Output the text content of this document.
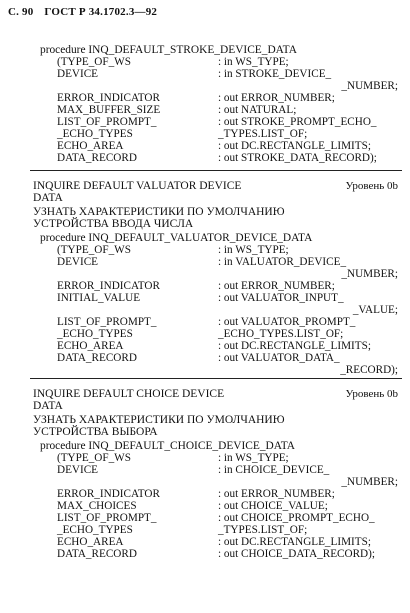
С. 90 ГОСТ Р 34.1702.3—92
procedure INQ_DEFAULT_STROKE_DEVICE_DATA
(TYPE_OF_WS	: in WS_TYPE;
DEVICE	: in STROKE_DEVICE_
_NUMBER;
ERROR_INDICATOR	: out ERROR_NUMBER;
MAX_BUFFER_SIZE	: out NATURAL;
LIST_OF_PROMPT_	: out STROKE_PROMPT_ECHO_
_ECHO_TYPES	_TYPES.LIST_OF;
ECHO_AREA	: out DC.RECTANGLE_LIMITS;
DATA_RECORD	: out STROKE_DATA_RECORD);
INQUIRE DEFAULT VALUATOR DEVICE	Уровень 0b
DATA
УЗНАТЬ ХАРАКТЕРИСТИКИ ПО УМОЛЧАНИЮ
УСТРОЙСТВА ВВОДА ЧИСЛА
procedure INQ_DEFAULT_VALUATOR_DEVICE_DATA
(TYPE_OF_WS	: in WS_TYPE;
DEVICE	: in VALUATOR_DEVICE_
_NUMBER;
ERROR_INDICATOR	: out ERROR_NUMBER;
INITIAL_VALUE	: out VALUATOR_INPUT_
_VALUE;
LIST_OF_PROMPT_	: out VALUATOR_PROMPT_
_ECHO_TYPES	_ECHO_TYPES.LIST_OF;
ECHO_AREA	: out DC.RECTANGLE_LIMITS;
DATA_RECORD	: out VALUATOR_DATA_
_RECORD);
INQUIRE DEFAULT CHOICE DEVICE	Уровень 0b
DATA
УЗНАТЬ ХАРАКТЕРИСТИКИ ПО УМОЛЧАНИЮ
УСТРОЙСТВА ВЫБОРА
procedure INQ_DEFAULT_CHOICE_DEVICE_DATA
(TYPE_OF_WS	: in WS_TYPE;
DEVICE	: in CHOICE_DEVICE_
_NUMBER;
ERROR_INDICATOR	: out ERROR_NUMBER;
MAX_CHOICES	: out CHOICE_VALUE;
LIST_OF_PROMPT_	: out CHOICE_PROMPT_ECHO_
_ECHO_TYPES	_TYPES.LIST_OF;
ECHO_AREA	: out DC.RECTANGLE_LIMITS;
DATA_RECORD	: out CHOICE_DATA_RECORD);
